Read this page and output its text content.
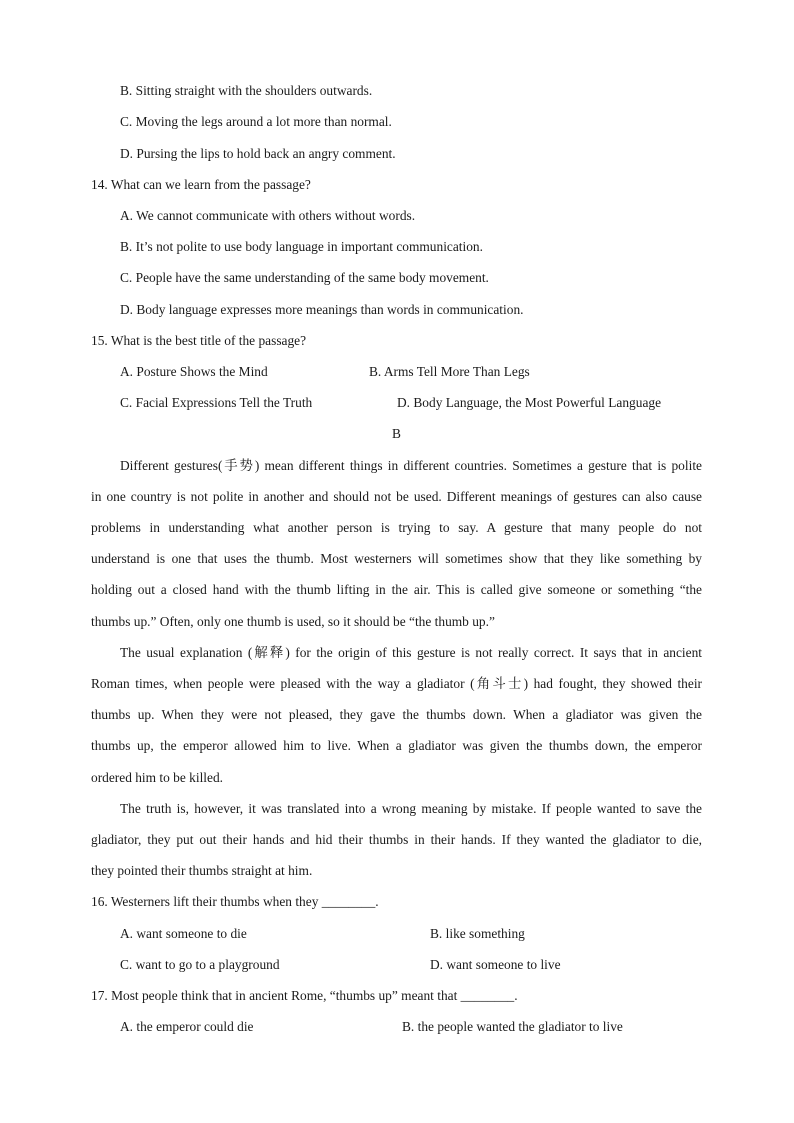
B. Sitting straight with the shoulders outwards.
C. Moving the legs around a lot more than normal.
D. Pursing the lips to hold back an angry comment.
14. What can we learn from the passage?
A. We cannot communicate with others without words.
B. It’s not polite to use body language in important communication.
C. People have the same understanding of the same body movement.
D. Body language expresses more meanings than words in communication.
15. What is the best title of the passage?
A. Posture Shows the Mind	B. Arms Tell More Than Legs
C. Facial Expressions Tell the Truth	D. Body Language, the Most Powerful Language
B
Different gestures(手势) mean different things in different countries. Sometimes a gesture that is polite
in one country is not polite in another and should not be used. Different meanings of gestures can also cause
problems in understanding what another person is trying to say. A gesture that many people do not
understand is one that uses the thumb. Most westerners will sometimes show that they like something by
holding out a closed hand with the thumb lifting in the air. This is called give someone or something “the
thumbs up.” Often, only one thumb is used, so it should be “the thumb up.”
The usual explanation (解释) for the origin of this gesture is not really correct. It says that in ancient
Roman times, when people were pleased with the way a gladiator (角斗士) had fought, they showed their
thumbs up. When they were not pleased, they gave the thumbs down. When a gladiator was given the
thumbs up, the emperor allowed him to live. When a gladiator was given the thumbs down, the emperor
ordered him to be killed.
The truth is, however, it was translated into a wrong meaning by mistake. If people wanted to save the
gladiator, they put out their hands and hid their thumbs in their hands. If they wanted the gladiator to die,
they pointed their thumbs straight at him.
16. Westerners lift their thumbs when they ________.
A. want someone to die	B. like something
C. want to go to a playground	D. want someone to live
17. Most people think that in ancient Rome, “thumbs up” meant that ________.
A. the emperor could die	B. the people wanted the gladiator to live
